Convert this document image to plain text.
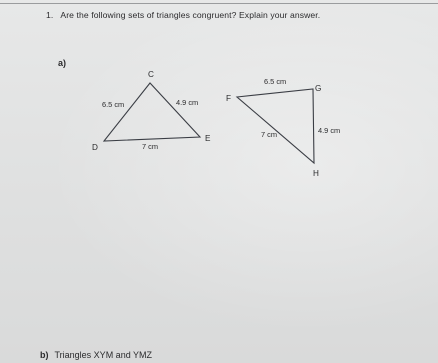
1. Are the following sets of triangles congruent? Explain your answer.
a)
C
D
E
6.5 cm	4.9 cm
7 cm
F
G
H
6.5 cm
4.9 cm
7 cm
b) Triangles XYM and YMZ
